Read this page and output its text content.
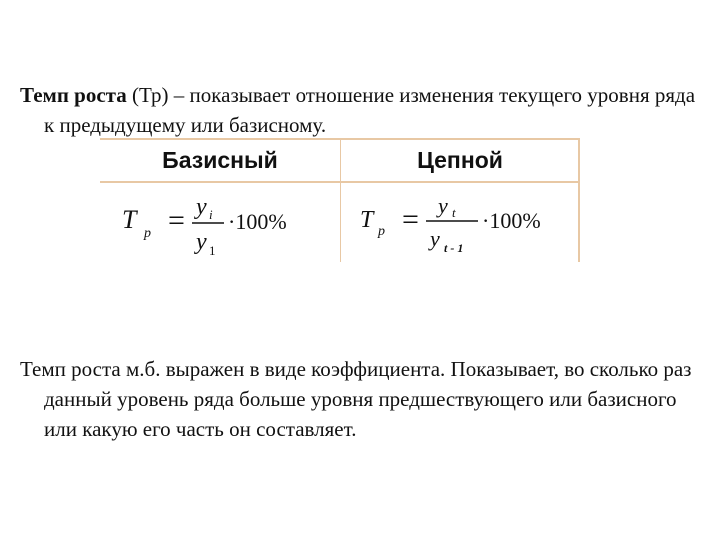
Темп роста (Тр) – показывает отношение изменения текущего уровня ряда к предыдущему или базисному.

Базисный	Цепной
T p = y i
y 1
·100%	T p = y t
y t - 1
·100%

Темп роста м.б. выражен в виде коэффициента. Показывает, во сколько раз данный уровень ряда больше уровня предшествующего или базисного или какую его часть он составляет.
